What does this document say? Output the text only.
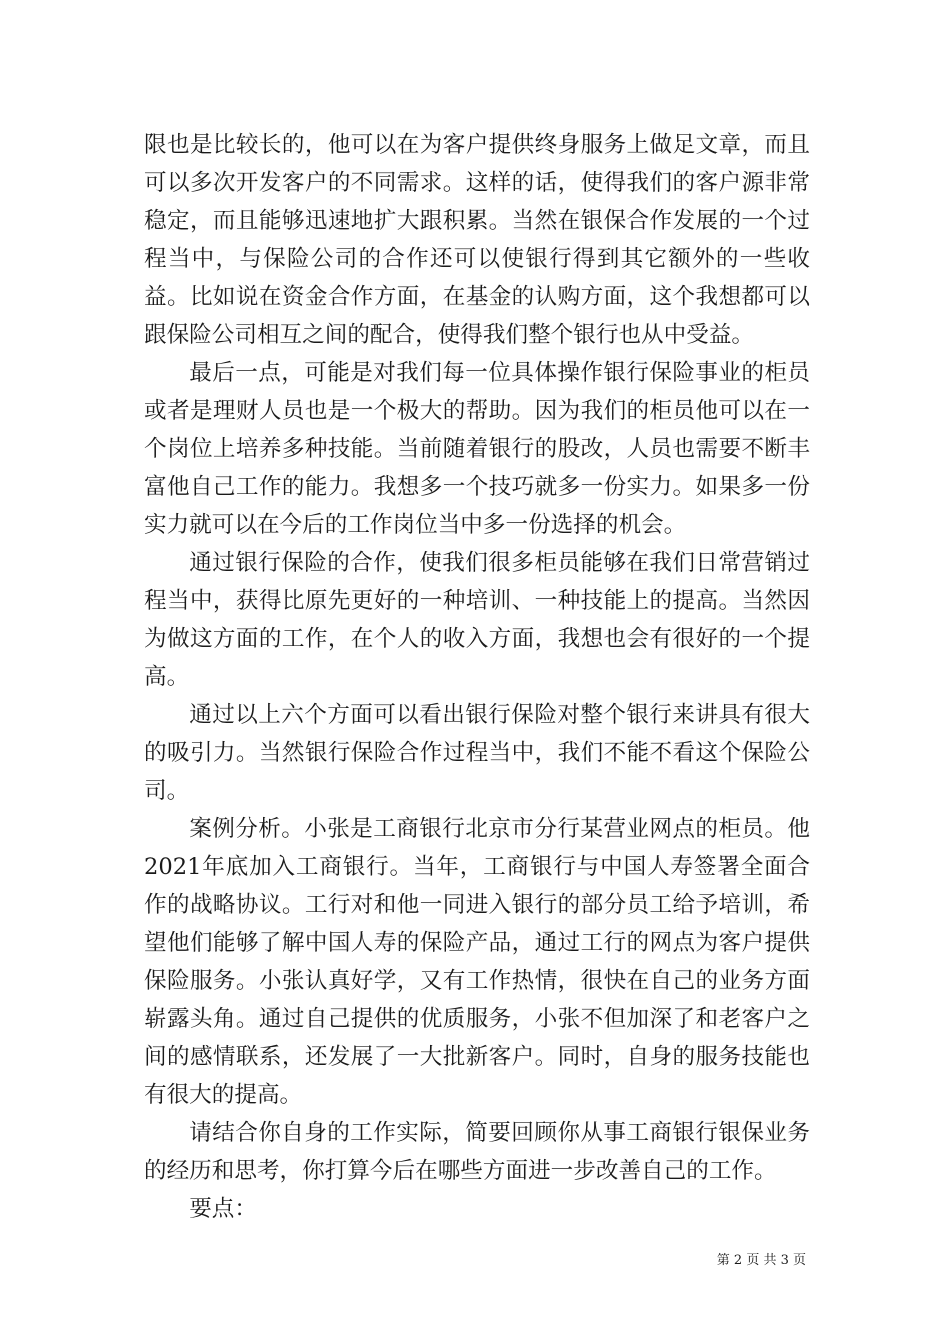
限也是比较长的，他可以在为客户提供终身服务上做足文章，而且可以多次开发客户的不同需求。这样的话，使得我们的客户源非常稳定，而且能够迅速地扩大跟积累。当然在银保合作发展的一个过程当中，与保险公司的合作还可以使银行得到其它额外的一些收益。比如说在资金合作方面，在基金的认购方面，这个我想都可以跟保险公司相互之间的配合，使得我们整个银行也从中受益。

最后一点，可能是对我们每一位具体操作银行保险事业的柜员或者是理财人员也是一个极大的帮助。因为我们的柜员他可以在一个岗位上培养多种技能。当前随着银行的股改，人员也需要不断丰富他自己工作的能力。我想多一个技巧就多一份实力。如果多一份实力就可以在今后的工作岗位当中多一份选择的机会。

通过银行保险的合作，使我们很多柜员能够在我们日常营销过程当中，获得比原先更好的一种培训、一种技能上的提高。当然因为做这方面的工作，在个人的收入方面，我想也会有很好的一个提高。

通过以上六个方面可以看出银行保险对整个银行来讲具有很大的吸引力。当然银行保险合作过程当中，我们不能不看这个保险公司。

案例分析。小张是工商银行北京市分行某营业网点的柜员。他2021年底加入工商银行。当年，工商银行与中国人寿签署全面合作的战略协议。工行对和他一同进入银行的部分员工给予培训，希望他们能够了解中国人寿的保险产品，通过工行的网点为客户提供保险服务。小张认真好学，又有工作热情，很快在自己的业务方面崭露头角。通过自己提供的优质服务，小张不但加深了和老客户之间的感情联系，还发展了一大批新客户。同时，自身的服务技能也有很大的提高。

请结合你自身的工作实际，简要回顾你从事工商银行银保业务的经历和思考，你打算今后在哪些方面进一步改善自己的工作。

要点：

第 2 页 共 3 页
